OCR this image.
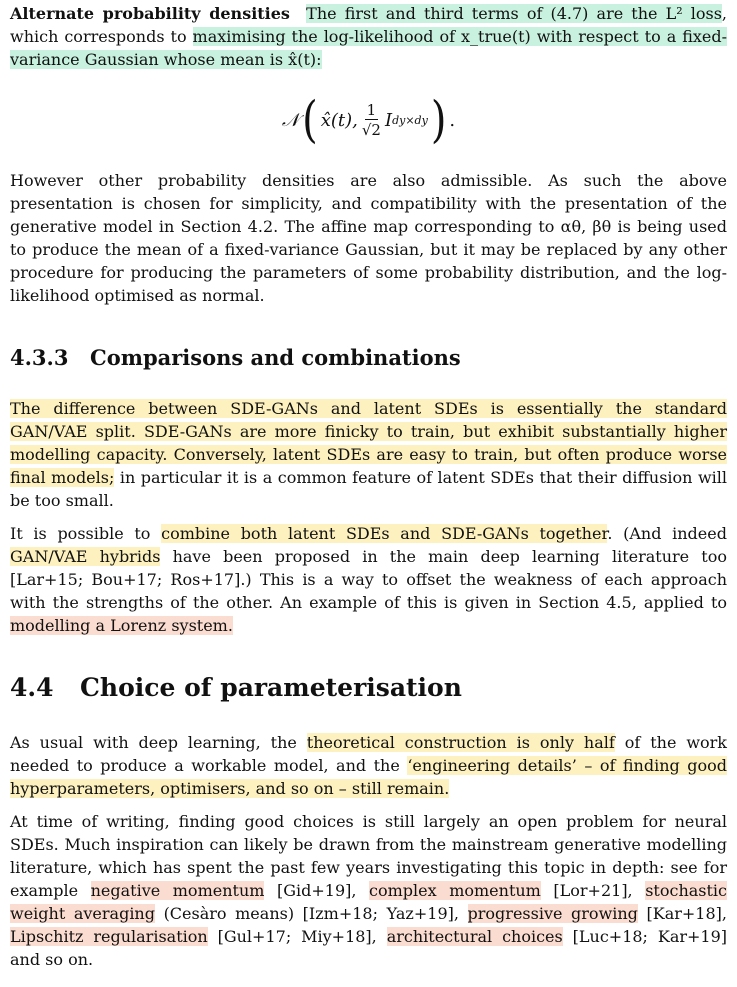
Alternate probability densities The first and third terms of (4.7) are the L² loss, which corresponds to maximising the log-likelihood of x_true(t) with respect to a fixed-variance Gaussian whose mean is x̂(t):

𝒩 ( x̂(t), $\frac{1}{√2}$ I dy×dy ) .

However other probability densities are also admissible. As such the above presentation is chosen for simplicity, and compatibility with the presentation of the generative model in Section 4.2. The affine map corresponding to αθ, βθ is being used to produce the mean of a fixed-variance Gaussian, but it may be replaced by any other procedure for producing the parameters of some probability distribution, and the log-likelihood optimised as normal.

4.3.3 Comparisons and combinations

The difference between SDE-GANs and latent SDEs is essentially the standard GAN/VAE split. SDE-GANs are more finicky to train, but exhibit substantially higher modelling capacity. Conversely, latent SDEs are easy to train, but often produce worse final models; in particular it is a common feature of latent SDEs that their diffusion will be too small.

It is possible to combine both latent SDEs and SDE-GANs together. (And indeed GAN/VAE hybrids have been proposed in the main deep learning literature too [Lar+15; Bou+17; Ros+17].) This is a way to offset the weakness of each approach with the strengths of the other. An example of this is given in Section 4.5, applied to modelling a Lorenz system.

4.4 Choice of parameterisation

As usual with deep learning, the theoretical construction is only half of the work needed to produce a workable model, and the ‘engineering details’ – of finding good hyperparameters, optimisers, and so on – still remain.

At time of writing, finding good choices is still largely an open problem for neural SDEs. Much inspiration can likely be drawn from the mainstream generative modelling literature, which has spent the past few years investigating this topic in depth: see for example negative momentum [Gid+19], complex momentum [Lor+21], stochastic weight averaging (Cesàro means) [Izm+18; Yaz+19], progressive growing [Kar+18], Lipschitz regularisation [Gul+17; Miy+18], architectural choices [Luc+18; Kar+19] and so on.
